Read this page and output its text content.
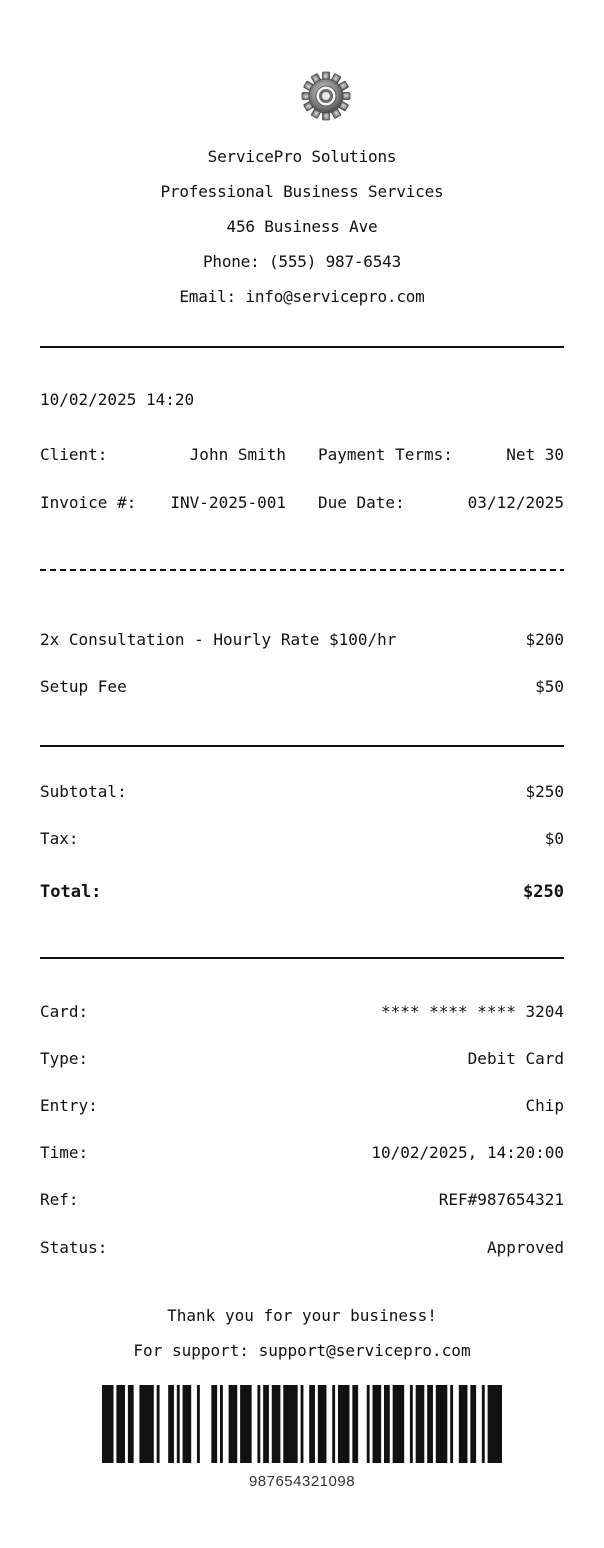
ServicePro Solutions
Professional Business Services
456 Business Ave
Phone: (555) 987-6543
Email: info@servicepro.com
10/02/2025 14:20
Client:	John Smith Payment Terms:	Net 30
Invoice #: INV-2025-001 Due Date:	03/12/2025
2x Consultation - Hourly Rate $100/hr	$200
Setup Fee	$50
Subtotal:	$250
Tax:	$0
Total:	$250
Card:	**** **** **** 3204
Type:	Debit Card
Entry:	Chip
Time:	10/02/2025, 14:20:00
Ref:	REF#987654321
Status:	Approved
Thank you for your business!
For support: support@servicepro.com
987654321098
